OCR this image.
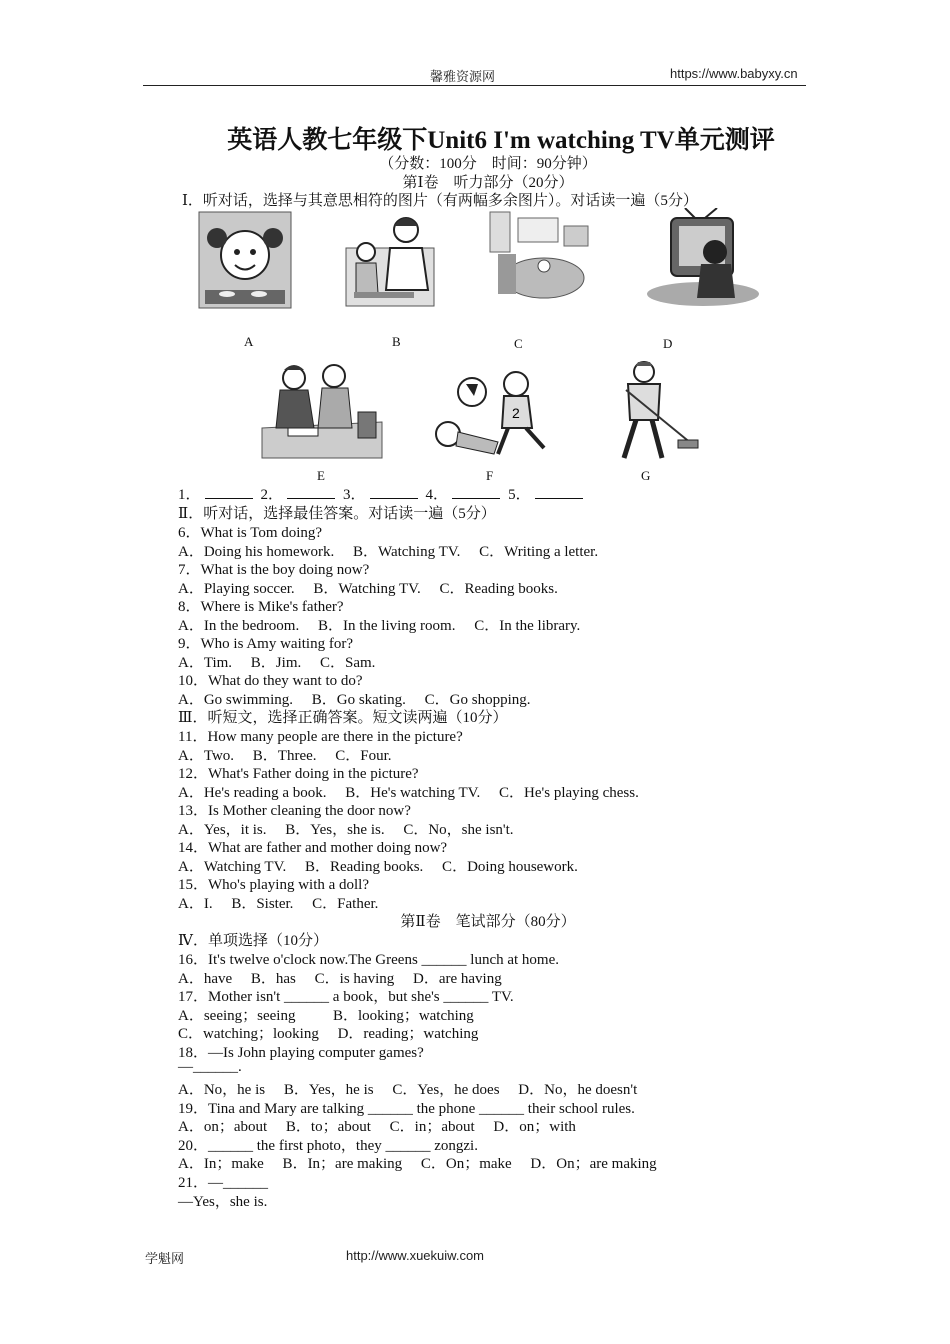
馨雅资源网	https://www.babyxy.cn
英语人教七年级下Unit6 I'm watching TV单元测评
（分数：100分　时间：90分钟）
第Ⅰ卷　听力部分（20分）
Ⅰ．听对话，选择与其意思相符的图片（有两幅多余图片）。对话读一遍（5分）
A	B	C	D
2
E	F	G
1．	2．	3．	4．	5．
Ⅱ．听对话，选择最佳答案。对话读一遍（5分）
6．What is Tom doing?
A．Doing his homework.     B．Watching TV.     C．Writing a letter.
7．What is the boy doing now?
A．Playing soccer.     B．Watching TV.     C．Reading books.
8．Where is Mike's father?
A．In the bedroom.     B．In the living room.     C．In the library.
9．Who is Amy waiting for?
A．Tim.     B．Jim.     C．Sam.
10．What do they want to do?
A．Go swimming.     B．Go skating.     C．Go shopping.
Ⅲ．听短文，选择正确答案。短文读两遍（10分）
11．How many people are there in the picture?
A．Two.     B．Three.     C．Four.
12．What's Father doing in the picture?
A．He's reading a book.     B．He's watching TV.     C．He's playing chess.
13．Is Mother cleaning the door now?
A．Yes，it is.     B．Yes，she is.     C．No，she isn't.
14．What are father and mother doing now?
A．Watching TV.     B．Reading books.     C．Doing housework.
15．Who's playing with a doll?
A．I.     B．Sister.     C．Father.
第Ⅱ卷　笔试部分（80分）
Ⅳ．单项选择（10分）
16．It's twelve o'clock now.The Greens ______ lunch at home.
A．have     B．has     C．is having     D．are having
17．Mother isn't ______ a book，but she's ______ TV.
A．seeing；seeing          B．looking；watching
C．watching；looking     D．reading；watching
18．—Is John playing computer games?
—______.
A．No，he is     B．Yes，he is     C．Yes，he does     D．No，he doesn't
19．Tina and Mary are talking ______ the phone ______ their school rules.
A．on；about     B．to；about     C．in；about     D．on；with
20．______ the first photo，they ______ zongzi.
A．In；make     B．In；are making     C．On；make     D．On；are making
21．—______
—Yes，she is.
学魁网	http://www.xuekuiw.com
